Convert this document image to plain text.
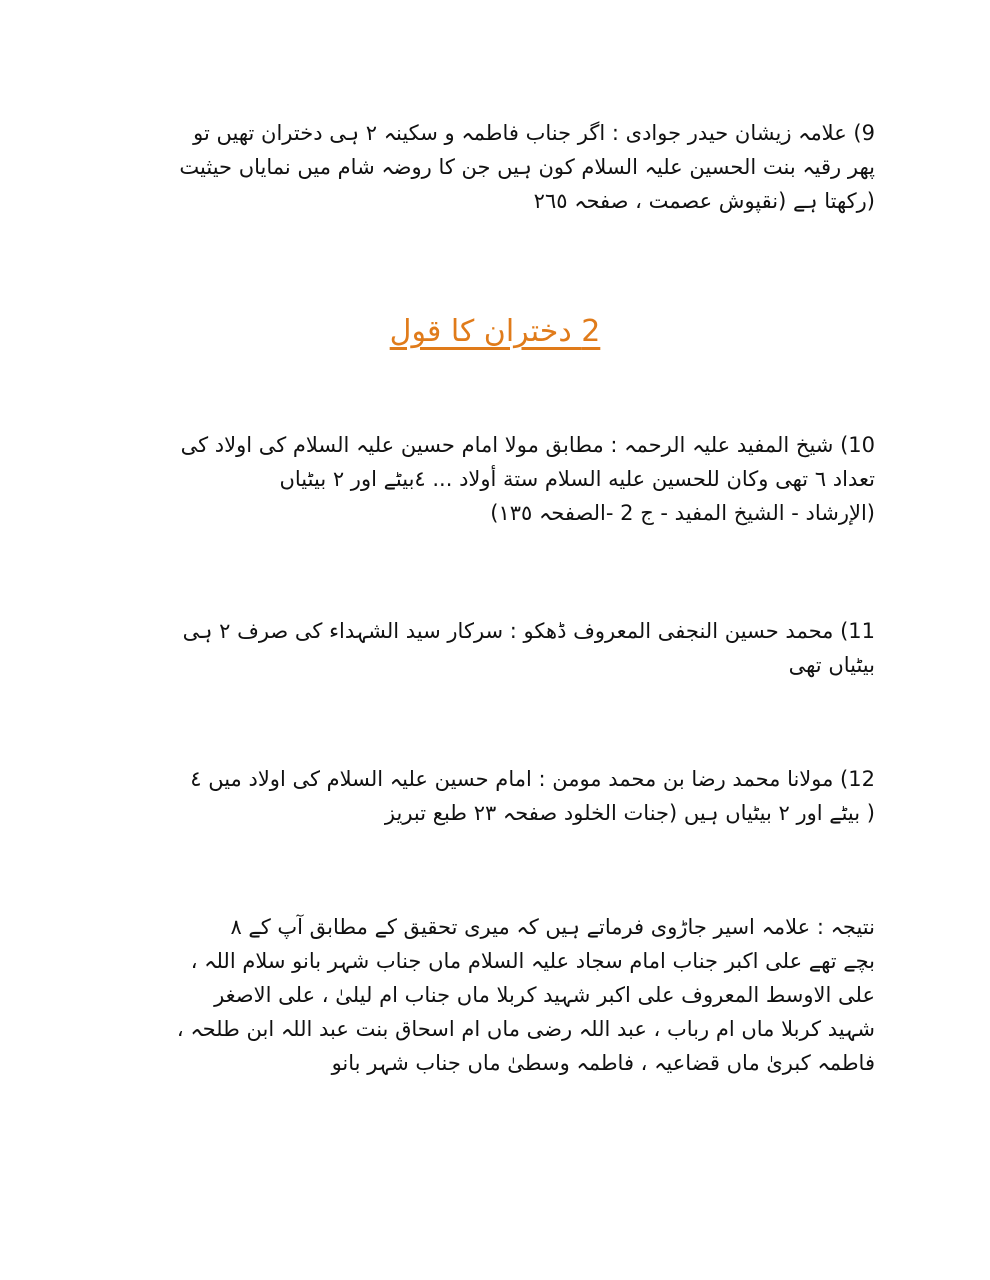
9) علامہ زیشان حیدر جوادی : اگر جناب فاطمہ و سکینہ ۲ ہی دختران تھیں تو
پھر رقیہ بنت الحسین علیہ السلام کون ہیں جن کا روضہ شام میں نمایاں حیثیت
(رکھتا ہے (نقپوش عصمت ، صفحہ ٢٦٥
2 دختران کا قول
10) شیخ المفید علیہ الرحمہ : مطابق مولا امام حسین علیہ السلام کی اولاد کی
تعداد ٦ تھی وکان للحسین علیه السلام ستة أولاد ... ٤بیٹے اور ۲ بیٹیاں
(الإرشاد - الشیخ المفید - ج 2 -الصفحہ ١٣٥)
11) محمد حسین النجفی المعروف ڈھکو : سرکار سید الشہداء کی صرف ۲ ہی
بیٹیاں تھی
12) مولانا محمد رضا بن محمد مومن : امام حسین علیہ السلام کی اولاد میں ٤
( بیٹے اور ۲ بیٹیاں ہیں (جنات الخلود صفحہ ۲۳ طبع تبریز
نتیجہ : علامہ اسیر جاڑوی فرماتے ہیں کہ میری تحقیق کے مطابق آپ کے ٨
بچے تھے علی اکبر جناب امام سجاد علیہ السلام ماں جناب شہر بانو سلام اللہ ،
علی الاوسط المعروف علی اکبر شہید کربلا ماں جناب ام لیلیٰ ، علی الاصغر
شہید کربلا ماں ام رباب ، عبد اللہ رضی ماں ام اسحاق بنت عبد اللہ ابن طلحہ ،
فاطمہ کبریٰ ماں قضاعیہ ، فاطمہ وسطیٰ ماں جناب شہر بانو
